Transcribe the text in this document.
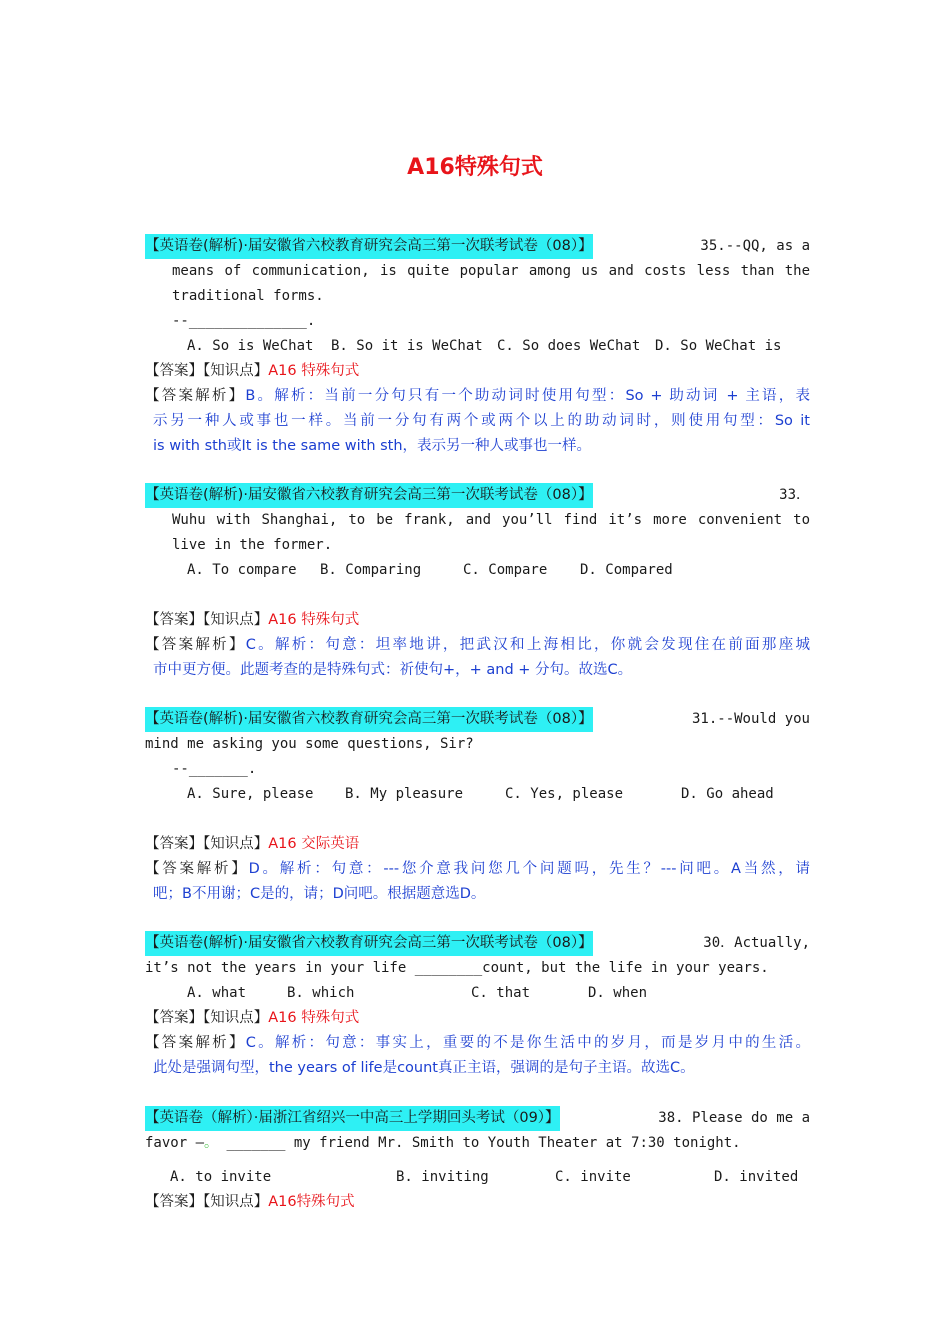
A16特殊句式
【英语卷(解析)·届安徽省六校教育研究会高三第一次联考试卷（08）】	35.--QQ, as a
means of communication, is quite popular among us and costs less than the
traditional forms.
--______________.
A. So is WeChat B. So it is WeChat C. So does WeChat D. So WeChat is
【答案】【知识点】A16 特殊句式
【答案解析】B。解析：当前一分句只有一个助动词时使用句型：So + 助动词 + 主语，表
示另一种人或事也一样。当前一分句有两个或两个以上的助动词时，则使用句型：So it
is with sth或It is the same with sth，表示另一种人或事也一样。
【英语卷(解析)·届安徽省六校教育研究会高三第一次联考试卷（08）】	33．
Wuhu with Shanghai, to be frank, and you’ll find it’s more convenient to
live in the former.
A. To compare B. Comparing	C. Compare D. Compared
【答案】【知识点】A16 特殊句式
【答案解析】C。解析：句意：坦率地讲，把武汉和上海相比，你就会发现住在前面那座城
市中更方便。此题考查的是特殊句式：祈使句+，+ and + 分句。故选C。
【英语卷(解析)·届安徽省六校教育研究会高三第一次联考试卷（08）】	31.--Would you
mind me asking you some questions, Sir?
--_______.
A. Sure, please B. My pleasure	C. Yes, please	D. Go ahead
【答案】【知识点】A16 交际英语
【答案解析】D。解析：句意：---您介意我问您几个问题吗，先生？---问吧。A当然，请
吧；B不用谢；C是的，请；D问吧。根据题意选D。
【英语卷(解析)·届安徽省六校教育研究会高三第一次联考试卷（08）】	30．Actually,
it’s not the years in your life ________count, but the life in your years.
A. what	B. which	C. that	D. when
【答案】【知识点】A16 特殊句式
【答案解析】C。解析：句意：事实上，重要的不是你生活中的岁月，而是岁月中的生活。
此处是强调句型，the years of life是count真正主语，强调的是句子主语。故选C。
【英语卷（解析）·届浙江省绍兴一中高三上学期回头考试（09）】	38. Please do me a
favor —。 _______ my friend Mr. Smith to Youth Theater at 7:30 tonight.
A. to invite	B. inviting	C. invite	D. invited
【答案】【知识点】A16特殊句式
